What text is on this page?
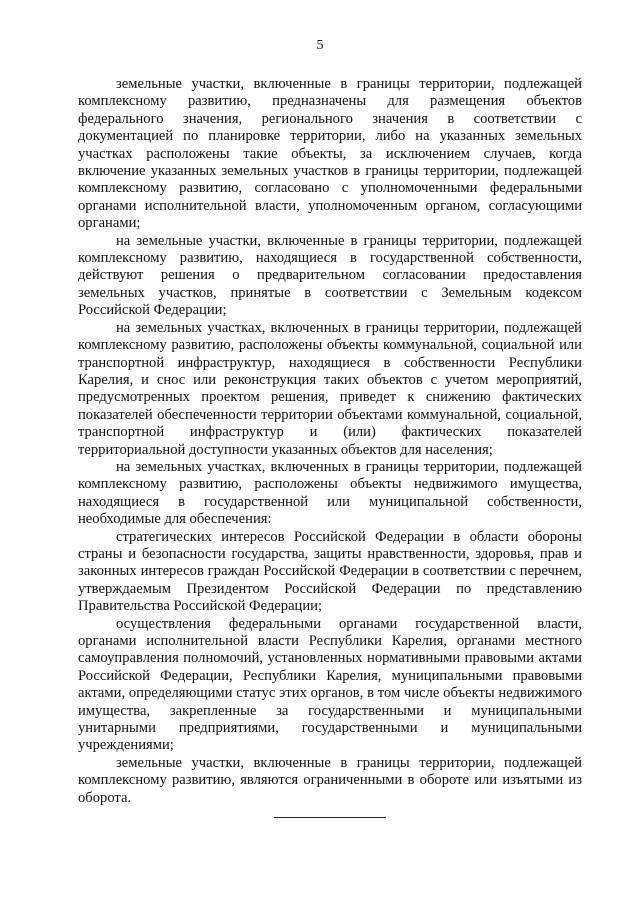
5

земельные участки, включенные в границы территории, подлежащей комплексному развитию, предназначены для размещения объектов федерального значения, регионального значения в соответствии с документацией по планировке территории, либо на указанных земельных участках расположены такие объекты, за исключением случаев, когда включение указанных земельных участков в границы территории, подлежащей комплексному развитию, согласовано с уполномоченными федеральными органами исполнительной власти, уполномоченным органом, согласующими органами;

на земельные участки, включенные в границы территории, подлежащей комплексному развитию, находящиеся в государственной собственности, действуют решения о предварительном согласовании предоставления земельных участков, принятые в соответствии с Земельным кодексом Российской Федерации;

на земельных участках, включенных в границы территории, подлежащей комплексному развитию, расположены объекты коммунальной, социальной или транспортной инфраструктур, находящиеся в собственности Республики Карелия, и снос или реконструкция таких объектов с учетом мероприятий, предусмотренных проектом решения, приведет к снижению фактических показателей обеспеченности территории объектами коммунальной, социальной, транспортной инфраструктур и (или) фактических показателей территориальной доступности указанных объектов для населения;

на земельных участках, включенных в границы территории, подлежащей комплексному развитию, расположены объекты недвижимого имущества, находящиеся в государственной или муниципальной собственности, необходимые для обеспечения:

стратегических интересов Российской Федерации в области обороны страны и безопасности государства, защиты нравственности, здоровья, прав и законных интересов граждан Российской Федерации в соответствии с перечнем, утверждаемым Президентом Российской Федерации по представлению Правительства Российской Федерации;

осуществления федеральными органами государственной власти, органами исполнительной власти Республики Карелия, органами местного самоуправления полномочий, установленных нормативными правовыми актами Российской Федерации, Республики Карелия, муниципальными правовыми актами, определяющими статус этих органов, в том числе объекты недвижимого имущества, закрепленные за государственными и муниципальными унитарными предприятиями, государственными и муниципальными учреждениями;

земельные участки, включенные в границы территории, подлежащей комплексному развитию, являются ограниченными в обороте или изъятыми из оборота.
